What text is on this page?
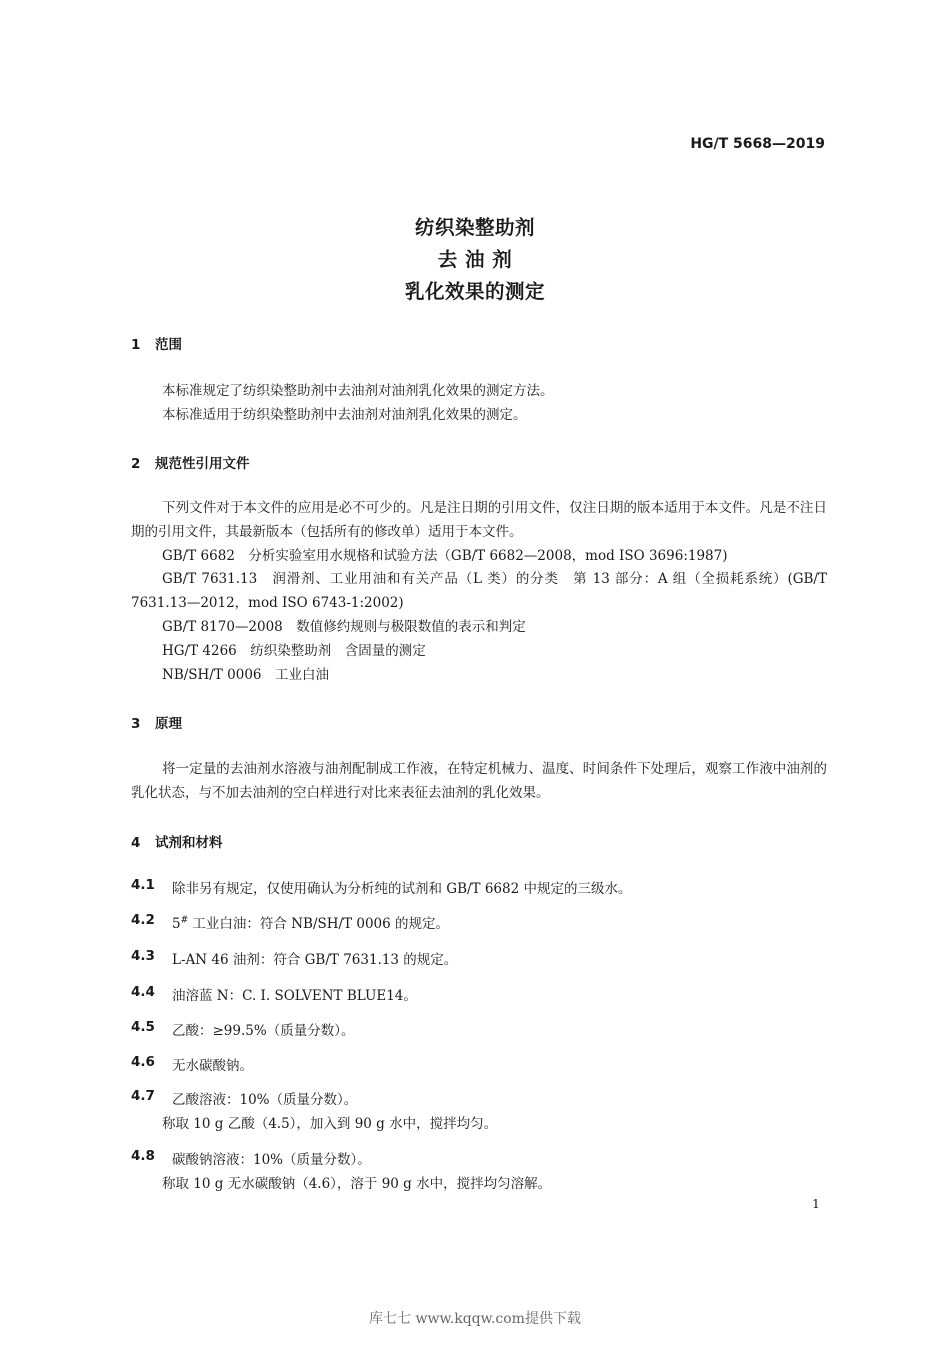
HG/T 5668—2019
纺织染整助剂
去 油 剂
乳化效果的测定
1 范围
本标准规定了纺织染整助剂中去油剂对油剂乳化效果的测定方法。
本标准适用于纺织染整助剂中去油剂对油剂乳化效果的测定。
2 规范性引用文件
下列文件对于本文件的应用是必不可少的。凡是注日期的引用文件，仅注日期的版本适用于本文件。凡是不注日期的引用文件，其最新版本（包括所有的修改单）适用于本文件。
GB/T 6682　分析实验室用水规格和试验方法（GB/T 6682—2008，mod ISO 3696:1987)
GB/T 7631.13　润滑剂、工业用油和有关产品（L 类）的分类　第 13 部分：A 组（全损耗系统）(GB/T 7631.13—2012，mod ISO 6743-1:2002)
GB/T 8170—2008　数值修约规则与极限数值的表示和判定
HG/T 4266　纺织染整助剂　含固量的测定
NB/SH/T 0006　工业白油
3 原理
将一定量的去油剂水溶液与油剂配制成工作液，在特定机械力、温度、时间条件下处理后，观察工作液中油剂的乳化状态，与不加去油剂的空白样进行对比来表征去油剂的乳化效果。
4 试剂和材料
4.1 除非另有规定，仅使用确认为分析纯的试剂和 GB/T 6682 中规定的三级水。
4.2 5# 工业白油：符合 NB/SH/T 0006 的规定。
4.3 L-AN 46 油剂：符合 GB/T 7631.13 的规定。
4.4 油溶蓝 N：C. I. SOLVENT BLUE14。
4.5 乙酸：≥99.5%（质量分数）。
4.6 无水碳酸钠。
4.7 乙酸溶液：10%（质量分数）。
称取 10 g 乙酸（4.5），加入到 90 g 水中，搅拌均匀。
4.8 碳酸钠溶液：10%（质量分数）。
称取 10 g 无水碳酸钠（4.6），溶于 90 g 水中，搅拌均匀溶解。
1
库七七 www.kqqw.com提供下载
